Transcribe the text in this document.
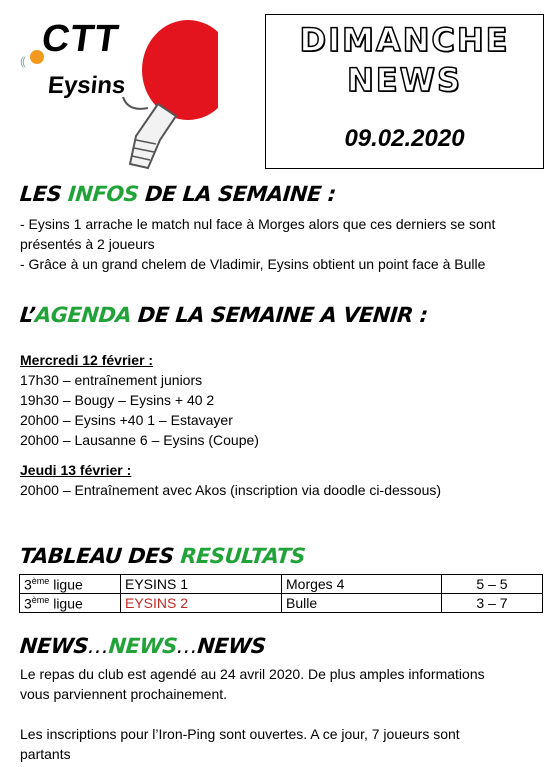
((
CTT
Eysins
DIMANCHE
NEWS
09.02.2020
LES INFOS DE LA SEMAINE :
- Eysins 1 arrache le match nul face à Morges alors que ces derniers se sont
présentés à 2 joueurs
- Grâce à un grand chelem de Vladimir, Eysins obtient un point face à Bulle
L’AGENDA DE LA SEMAINE A VENIR :
Mercredi 12 février :
17h30 – entraînement juniors
19h30 – Bougy – Eysins + 40 2
20h00 – Eysins +40 1 – Estavayer
20h00 – Lausanne 6 – Eysins (Coupe)
Jeudi 13 février :
20h00 – Entraînement avec Akos (inscription via doodle ci-dessous)
TABLEAU DES RESULTATS
3ème ligue	EYSINS 1	Morges 4	5 – 5
3ème ligue	EYSINS 2	Bulle	3 – 7
NEWS…NEWS…NEWS
Le repas du club est agendé au 24 avril 2020. De plus amples informations
vous parviennent prochainement.
Les inscriptions pour l’Iron-Ping sont ouvertes. A ce jour, 7 joueurs sont
partants
